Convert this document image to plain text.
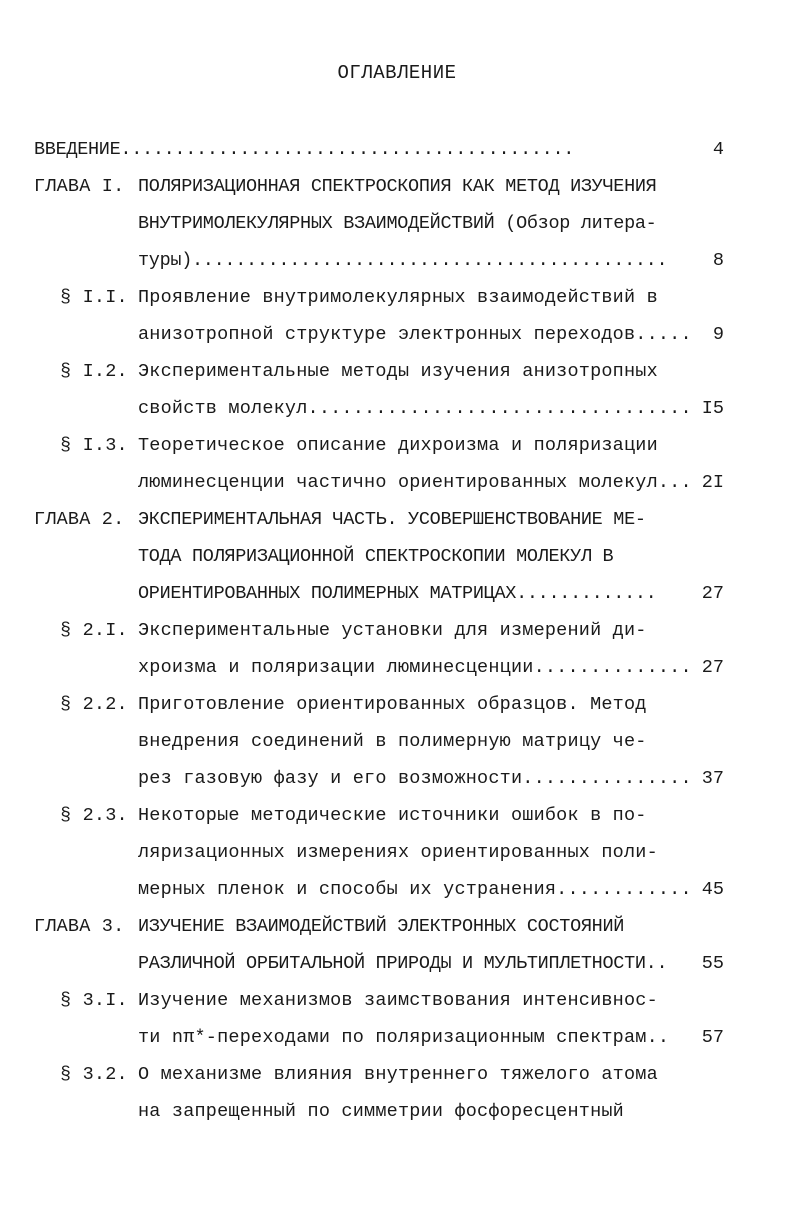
ОГЛАВЛЕНИЕ
ВВЕДЕНИЕ..........................................	4
ГЛАВА I. ПОЛЯРИЗАЦИОННАЯ СПЕКТРОСКОПИЯ КАК МЕТОД ИЗУЧЕНИЯ
ВНУТРИМОЛЕКУЛЯРНЫХ ВЗАИМОДЕЙСТВИЙ (Обзор литера-
туры)............................................ 8
§ I.I. Проявление внутримолекулярных взаимодействий в
анизотропной структуре электронных переходов..... 9
§ I.2. Экспериментальные методы изучения анизотропных
свойств молекул.................................. I5
§ I.3. Теоретическое описание дихроизма и поляризации
люминесценции частично ориентированных молекул... 2I
ГЛАВА 2. ЭКСПЕРИМЕНТАЛЬНАЯ ЧАСТЬ. УСОВЕРШЕНСТВОВАНИЕ МЕ-
ТОДА ПОЛЯРИЗАЦИОННОЙ СПЕКТРОСКОПИИ МОЛЕКУЛ В
ОРИЕНТИРОВАННЫХ ПОЛИМЕРНЫХ МАТРИЦАХ............. 27
§ 2.I. Экспериментальные установки для измерений ди-
хроизма и поляризации люминесценции.............. 27
§ 2.2. Приготовление ориентированных образцов. Метод
внедрения соединений в полимерную матрицу че-
рез газовую фазу и его возможности............... 37
§ 2.3. Некоторые методические источники ошибок в по-
ляризационных измерениях ориентированных поли-
мерных пленок и способы их устранения............ 45
ГЛАВА 3. ИЗУЧЕНИЕ ВЗАИМОДЕЙСТВИЙ ЭЛЕКТРОННЫХ СОСТОЯНИЙ
РАЗЛИЧНОЙ ОРБИТАЛЬНОЙ ПРИРОДЫ И МУЛЬТИПЛЕТНОСТИ.. 55
§ 3.I. Изучение механизмов заимствования интенсивнос-
ти nπ*-переходами по поляризационным спектрам.. 57
§ 3.2. О механизме влияния внутреннего тяжелого атома
на запрещенный по симметрии фосфоресцентный
